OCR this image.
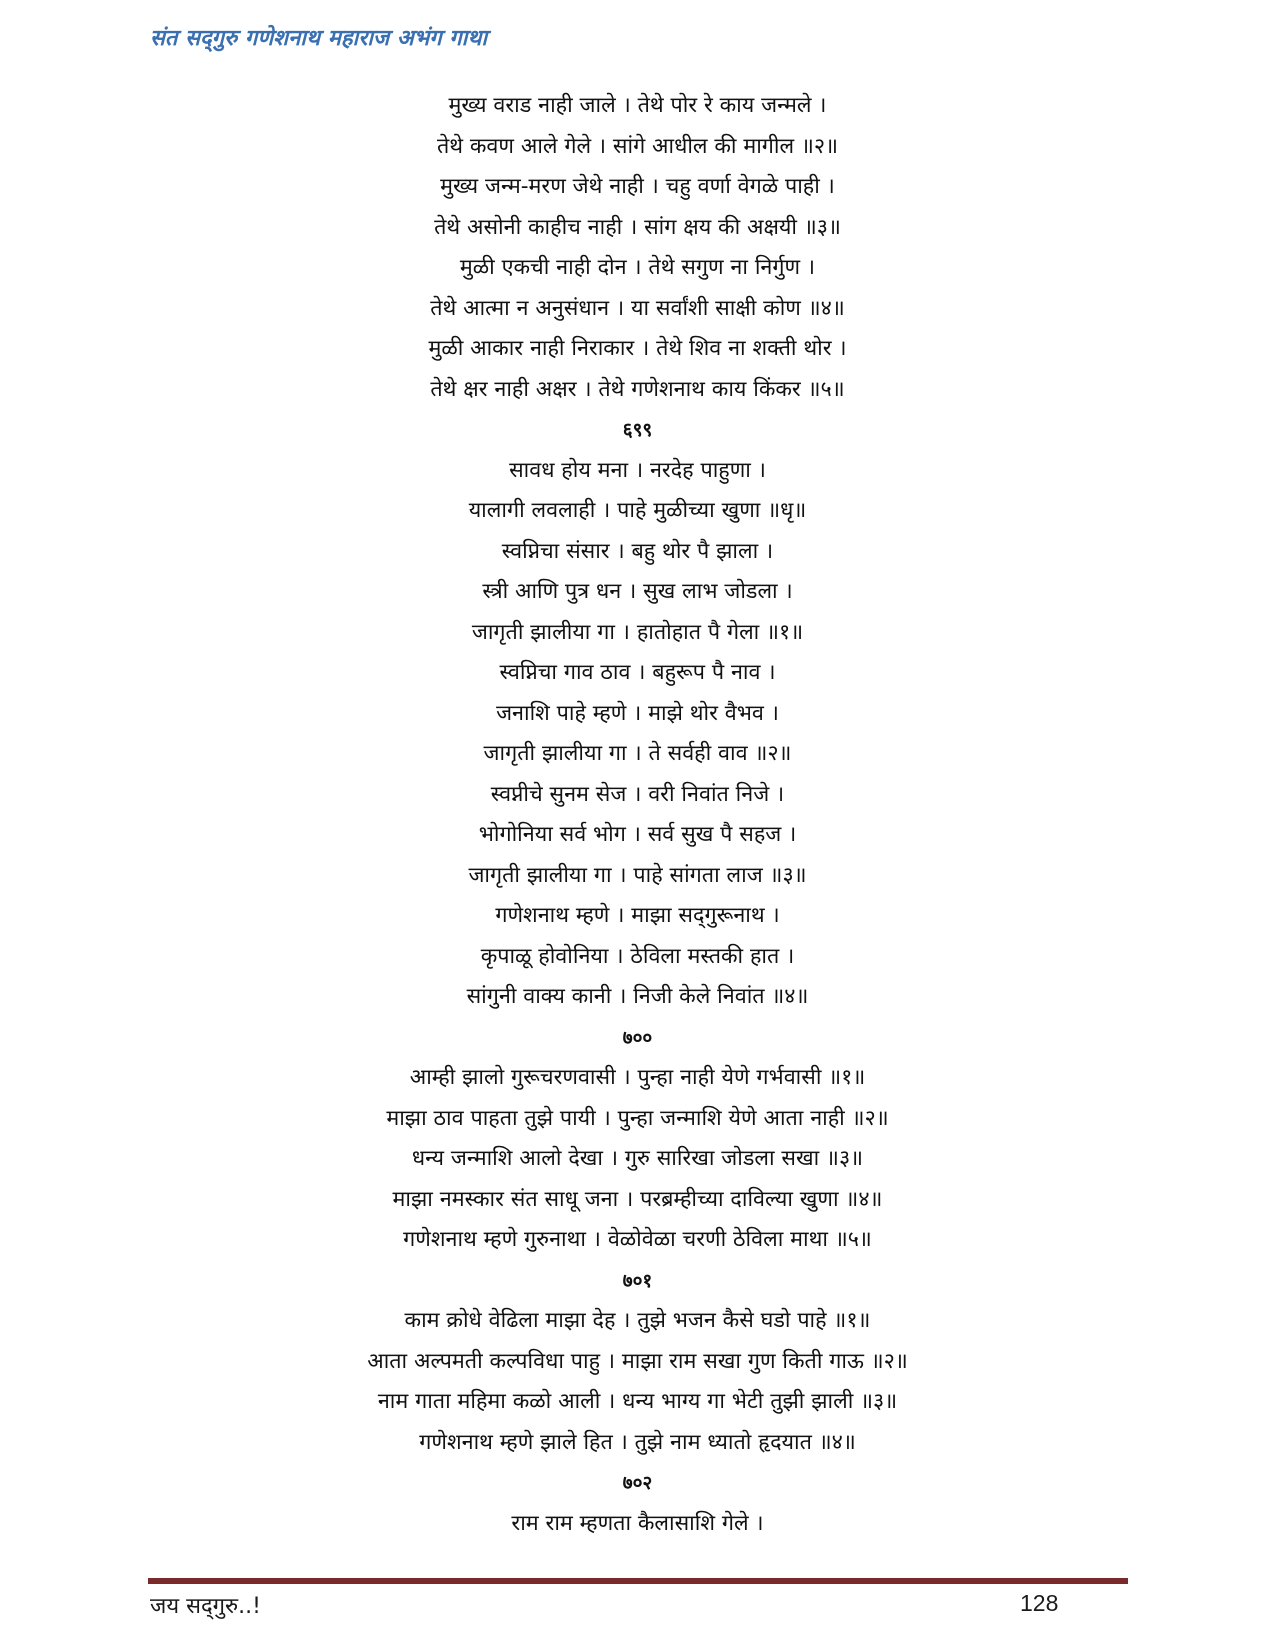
संत सद्‌गुरु गणेशनाथ महाराज अभंग गाथा
मुख्य वराड नाही जाले । तेथे पोर रे काय जन्मले ।
तेथे कवण आले गेले । सांगे आधील की मागील ॥२॥
मुख्य जन्म-मरण जेथे नाही । चहु वर्णा वेगळे पाही ।
तेथे असोनी काहीच नाही । सांग क्षय की अक्षयी ॥३॥
मुळी एकची नाही दोन । तेथे सगुण ना निर्गुण ।
तेथे आत्मा न अनुसंधान । या सर्वांशी साक्षी कोण ॥४॥
मुळी आकार नाही निराकार । तेथे शिव ना शक्ती थोर ।
तेथे क्षर नाही अक्षर । तेथे गणेशनाथ काय किंकर ॥५॥
६९९
सावध होय मना । नरदेह पाहुणा ।
यालागी लवलाही । पाहे मुळीच्या खुणा ॥धृ॥
स्वप्निचा संसार । बहु थोर पै झाला ।
स्त्री आणि पुत्र धन । सुख लाभ जोडला ।
जागृती झालीया गा । हातोहात पै गेला ॥१॥
स्वप्निचा गाव ठाव । बहुरूप पै नाव ।
जनाशि पाहे म्हणे । माझे थोर वैभव ।
जागृती झालीया गा । ते सर्वही वाव ॥२॥
स्वप्नीचे सुनम सेज । वरी निवांत निजे ।
भोगोनिया सर्व भोग । सर्व सुख पै सहज ।
जागृती झालीया गा । पाहे सांगता लाज ॥३॥
गणेशनाथ म्हणे । माझा सद्‌गुरूनाथ ।
कृपाळू होवोनिया । ठेविला मस्तकी हात ।
सांगुनी वाक्य कानी । निजी केले निवांत ॥४॥
७००
आम्ही झालो गुरूचरणवासी । पुन्हा नाही येणे गर्भवासी ॥१॥
माझा ठाव पाहता तुझे पायी । पुन्हा जन्माशि येणे आता नाही ॥२॥
धन्य जन्माशि आलो देखा । गुरु सारिखा जोडला सखा ॥३॥
माझा नमस्कार संत साधू जना । परब्रम्हीच्या दाविल्या खुणा ॥४॥
गणेशनाथ म्हणे गुरुनाथा । वेळोवेळा चरणी ठेविला माथा ॥५॥
७०१
काम क्रोधे वेढिला माझा देह । तुझे भजन कैसे घडो पाहे ॥१॥
आता अल्पमती कल्पविधा पाहु । माझा राम सखा गुण किती गाऊ ॥२॥
नाम गाता महिमा कळो आली । धन्य भाग्य गा भेटी तुझी झाली ॥३॥
गणेशनाथ म्हणे झाले हित । तुझे नाम ध्यातो हृदयात ॥४॥
७०२
राम राम म्हणता कैलासाशि गेले ।
जय सद्‌गुरु..!	128
